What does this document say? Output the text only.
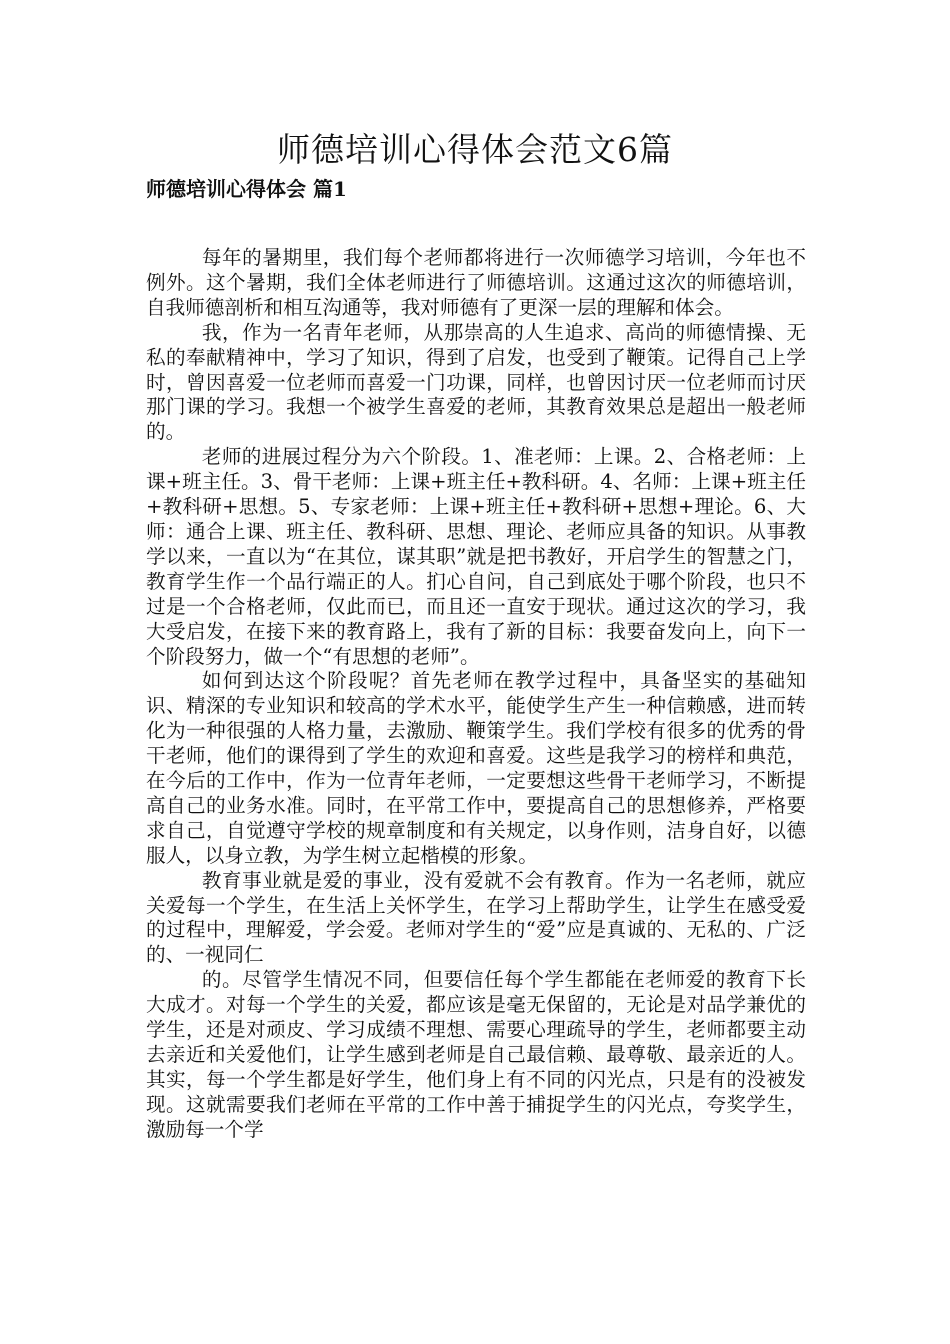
师德培训心得体会范文6篇
师德培训心得体会 篇1

每年的暑期里，我们每个老师都将进行一次师德学习培训，今年也不例外。这个暑期，我们全体老师进行了师德培训。这通过这次的师德培训，自我师德剖析和相互沟通等，我对师德有了更深一层的理解和体会。

我，作为一名青年老师，从那崇高的人生追求、高尚的师德情操、无私的奉献精神中，学习了知识，得到了启发，也受到了鞭策。记得自己上学时，曾因喜爱一位老师而喜爱一门功课，同样，也曾因讨厌一位老师而讨厌那门课的学习。我想一个被学生喜爱的老师，其教育效果总是超出一般老师的。

老师的进展过程分为六个阶段。1、准老师：上课。2、合格老师：上课+班主任。3、骨干老师：上课+班主任+教科研。4、名师：上课+班主任+教科研+思想。5、专家老师：上课+班主任+教科研+思想+理论。6、大师：通合上课、班主任、教科研、思想、理论、老师应具备的知识。从事教学以来，一直以为“在其位，谋其职”就是把书教好，开启学生的智慧之门，教育学生作一个品行端正的人。扪心自问，自己到底处于哪个阶段，也只不过是一个合格老师，仅此而已，而且还一直安于现状。通过这次的学习，我大受启发，在接下来的教育路上，我有了新的目标：我要奋发向上，向下一个阶段努力，做一个“有思想的老师”。

如何到达这个阶段呢？首先老师在教学过程中，具备坚实的基础知识、精深的专业知识和较高的学术水平，能使学生产生一种信赖感，进而转化为一种很强的人格力量，去激励、鞭策学生。我们学校有很多的优秀的骨干老师，他们的课得到了学生的欢迎和喜爱。这些是我学习的榜样和典范，在今后的工作中，作为一位青年老师，一定要想这些骨干老师学习，不断提高自己的业务水准。同时，在平常工作中，要提高自己的思想修养，严格要求自己，自觉遵守学校的规章制度和有关规定，以身作则，洁身自好，以德服人，以身立教，为学生树立起楷模的形象。

教育事业就是爱的事业，没有爱就不会有教育。作为一名老师，就应关爱每一个学生，在生活上关怀学生，在学习上帮助学生，让学生在感受爱的过程中，理解爱，学会爱。老师对学生的“爱”应是真诚的、无私的、广泛的、一视同仁

的。尽管学生情况不同，但要信任每个学生都能在老师爱的教育下长大成才。对每一个学生的关爱，都应该是毫无保留的，无论是对品学兼优的学生，还是对顽皮、学习成绩不理想、需要心理疏导的学生，老师都要主动去亲近和关爱他们，让学生感到老师是自己最信赖、最尊敬、最亲近的人。其实，每一个学生都是好学生，他们身上有不同的闪光点，只是有的没被发现。这就需要我们老师在平常的工作中善于捕捉学生的闪光点，夸奖学生，激励每一个学
